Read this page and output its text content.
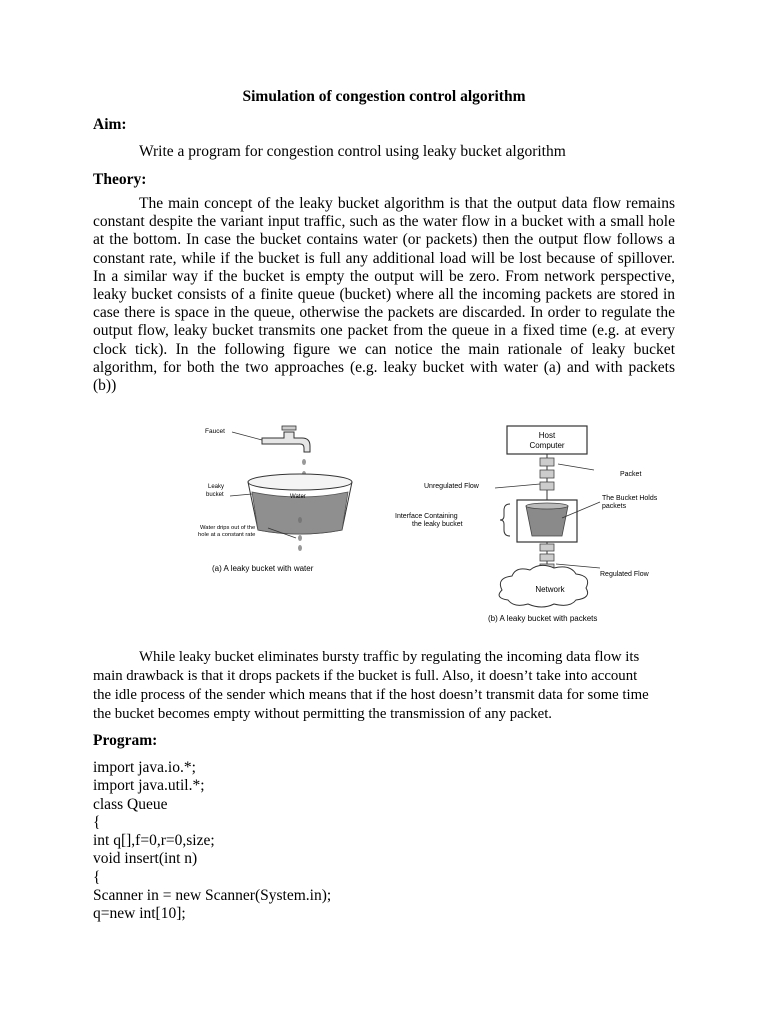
Simulation of congestion control algorithm
Aim:
Write a program for congestion control using leaky bucket algorithm
Theory:
The main concept of the leaky bucket algorithm is that the output data flow remains
constant despite the variant input traffic, such as the water flow in a bucket with a small hole
at the bottom. In case the bucket contains water (or packets) then the output flow follows a
constant rate, while if the bucket is full any additional load will be lost because of spillover.
In a similar way if the bucket is empty the output will be zero. From network perspective,
leaky bucket consists of a finite queue (bucket) where all the incoming packets are stored in
case there is space in the queue, otherwise the packets are discarded. In order to regulate the
output flow, leaky bucket transmits one packet from the queue in a fixed time (e.g. at every
clock tick). In the following figure we can notice the main rationale of leaky bucket
algorithm, for both the two approaches (e.g. leaky bucket with water (a) and with packets
(b))
Faucet
Leaky
bucket	Water
Water drips out of the
hole at a constant rate
(a) A leaky bucket with water
Host
Computer
Packet
Unregulated Flow
The Bucket Holds
packets
Interface Containing
the leaky bucket
Regulated Flow
Network
(b) A leaky bucket with packets
While leaky bucket eliminates bursty traffic by regulating the incoming data flow its
main drawback is that it drops packets if the bucket is full. Also, it doesn’t take into account
the idle process of the sender which means that if the host doesn’t transmit data for some time
the bucket becomes empty without permitting the transmission of any packet.
Program:
import java.io.*;
import java.util.*;
class Queue
{
int q[],f=0,r=0,size;
void insert(int n)
{
Scanner in = new Scanner(System.in);
q=new int[10];
